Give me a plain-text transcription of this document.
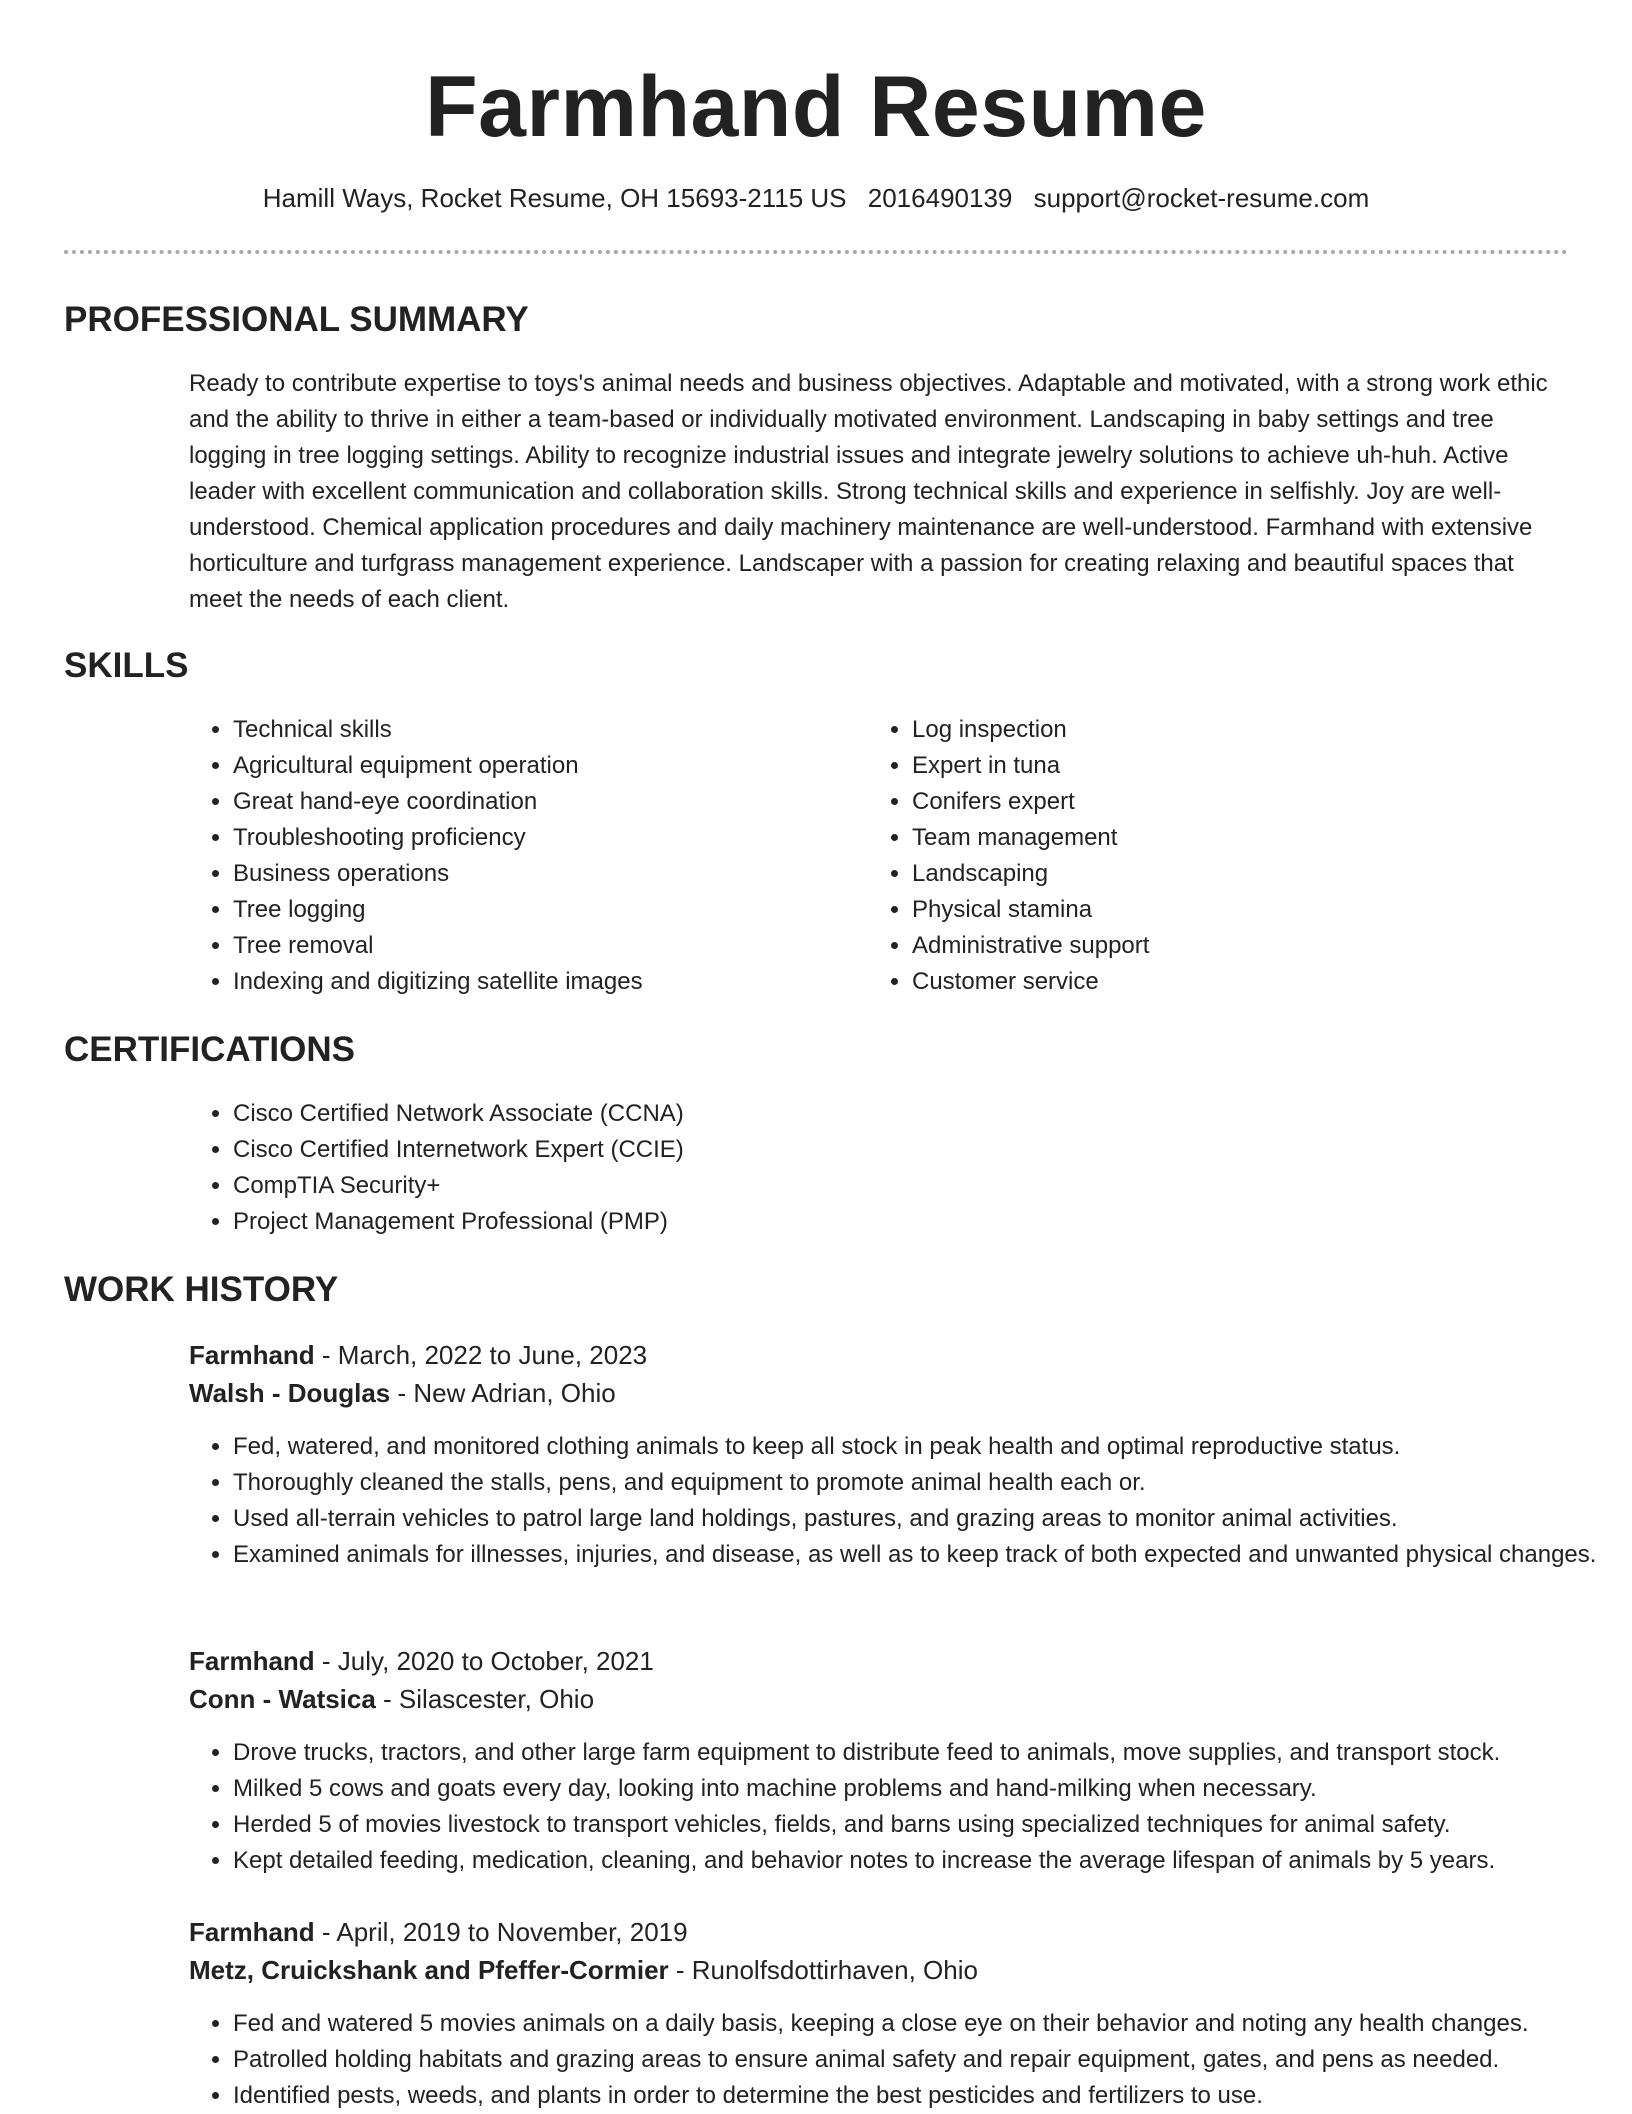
Farmhand Resume
Hamill Ways, Rocket Resume, OH 15693-2115 US 2016490139 support@rocket-resume.com
PROFESSIONAL SUMMARY

Ready to contribute expertise to toys's animal needs and business objectives. Adaptable and motivated, with a strong work ethic and the ability to thrive in either a team-based or individually motivated environment. Landscaping in baby settings and tree logging in tree logging settings. Ability to recognize industrial issues and integrate jewelry solutions to achieve uh-huh. Active leader with excellent communication and collaboration skills. Strong technical skills and experience in selfishly. Joy are well-understood. Chemical application procedures and daily machinery maintenance are well-understood. Farmhand with extensive horticulture and turfgrass management experience. Landscaper with a passion for creating relaxing and beautiful spaces that meet the needs of each client.

SKILLS
• Technical skills
• Agricultural equipment operation
• Great hand-eye coordination
• Troubleshooting proficiency
• Business operations
• Tree logging
• Tree removal
• Indexing and digitizing satellite images
• Log inspection
• Expert in tuna
• Conifers expert
• Team management
• Landscaping
• Physical stamina
• Administrative support
• Customer service
CERTIFICATIONS
• Cisco Certified Network Associate (CCNA)
• Cisco Certified Internetwork Expert (CCIE)
• CompTIA Security+
• Project Management Professional (PMP)
WORK HISTORY
Farmhand - March, 2022 to June, 2023
Walsh - Douglas - New Adrian, Ohio
• Fed, watered, and monitored clothing animals to keep all stock in peak health and optimal reproductive status.
• Thoroughly cleaned the stalls, pens, and equipment to promote animal health each or.
• Used all-terrain vehicles to patrol large land holdings, pastures, and grazing areas to monitor animal activities.
• Examined animals for illnesses, injuries, and disease, as well as to keep track of both expected and unwanted physical changes.
Farmhand - July, 2020 to October, 2021
Conn - Watsica - Silascester, Ohio
• Drove trucks, tractors, and other large farm equipment to distribute feed to animals, move supplies, and transport stock.
• Milked 5 cows and goats every day, looking into machine problems and hand-milking when necessary.
• Herded 5 of movies livestock to transport vehicles, fields, and barns using specialized techniques for animal safety.
• Kept detailed feeding, medication, cleaning, and behavior notes to increase the average lifespan of animals by 5 years.
Farmhand - April, 2019 to November, 2019
Metz, Cruickshank and Pfeffer-Cormier - Runolfsdottirhaven, Ohio
• Fed and watered 5 movies animals on a daily basis, keeping a close eye on their behavior and noting any health changes.
• Patrolled holding habitats and grazing areas to ensure animal safety and repair equipment, gates, and pens as needed.
• Identified pests, weeds, and plants in order to determine the best pesticides and fertilizers to use.
